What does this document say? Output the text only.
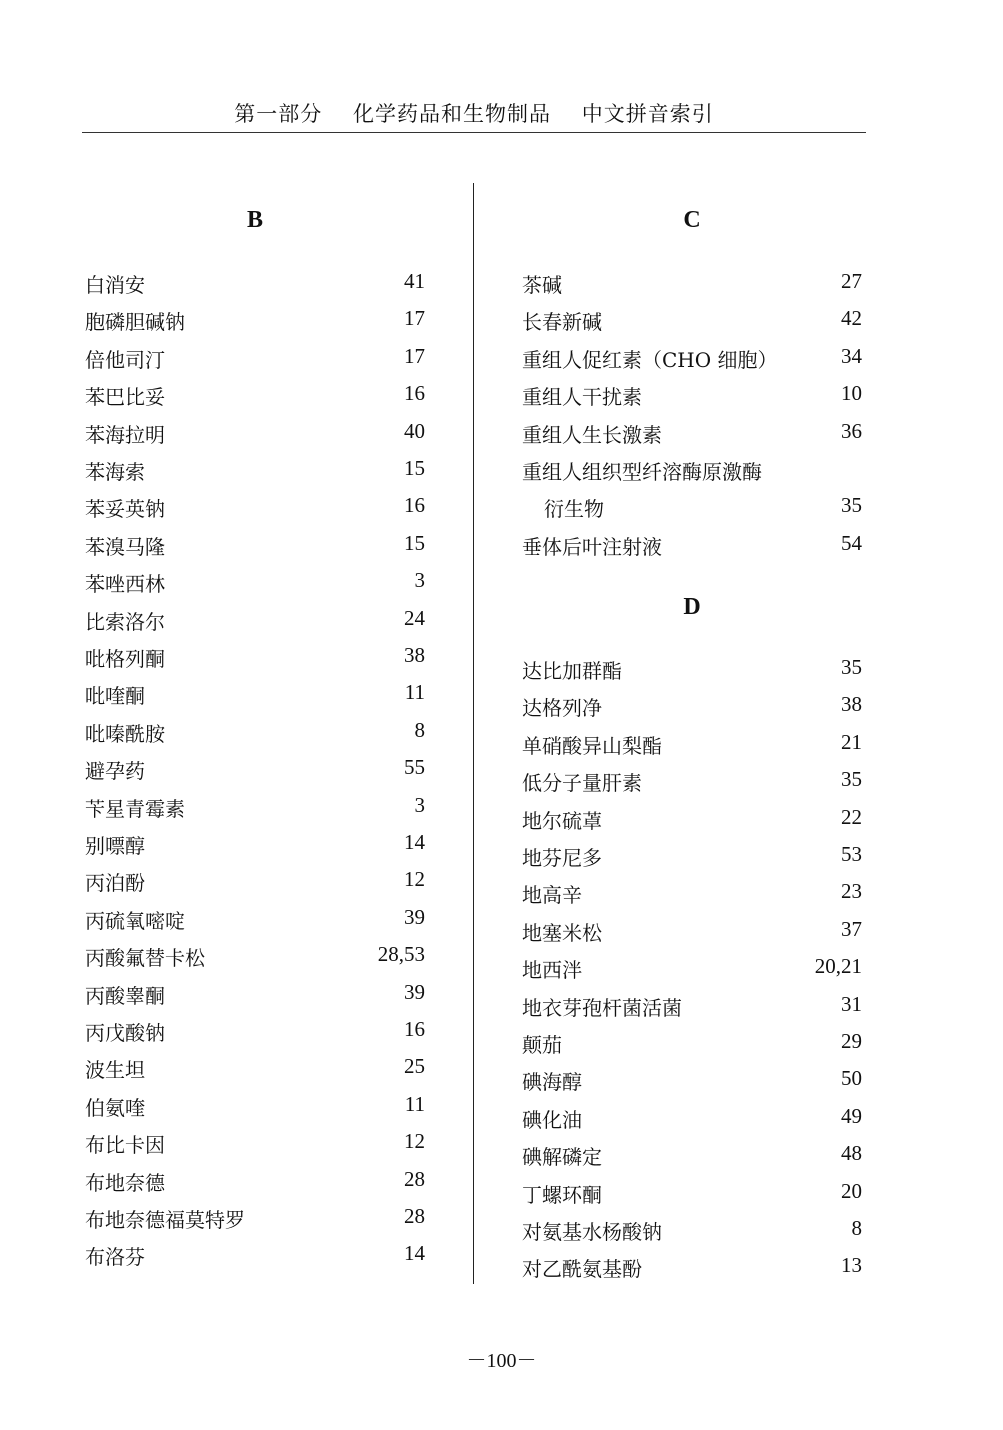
第一部分    化学药品和生物制品    中文拼音索引
B
白消安	41
胞磷胆碱钠	17
倍他司汀	17
苯巴比妥	16
苯海拉明	40
苯海索	15
苯妥英钠	16
苯溴马隆	15
苯唑西林	3
比索洛尔	24
吡格列酮	38
吡喹酮	11
吡嗪酰胺	8
避孕药	55
苄星青霉素	3
别嘌醇	14
丙泊酚	12
丙硫氧嘧啶	39
丙酸氟替卡松	28,53
丙酸睾酮	39
丙戊酸钠	16
波生坦	25
伯氨喹	11
布比卡因	12
布地奈德	28
布地奈德福莫特罗	28
布洛芬	14
C
D
茶碱	27
长春新碱	42
重组人促红素（CHO 细胞）	34
重组人干扰素	10
重组人生长激素	36
重组人组织型纤溶酶原激酶
衍生物	35
垂体后叶注射液	54
达比加群酯	35
达格列净	38
单硝酸异山梨酯	21
低分子量肝素	35
地尔硫䓬	22
地芬尼多	53
地高辛	23
地塞米松	37
地西泮	20,21
地衣芽孢杆菌活菌	31
颠茄	29
碘海醇	50
碘化油	49
碘解磷定	48
丁螺环酮	20
对氨基水杨酸钠	8
对乙酰氨基酚	13
－100－
